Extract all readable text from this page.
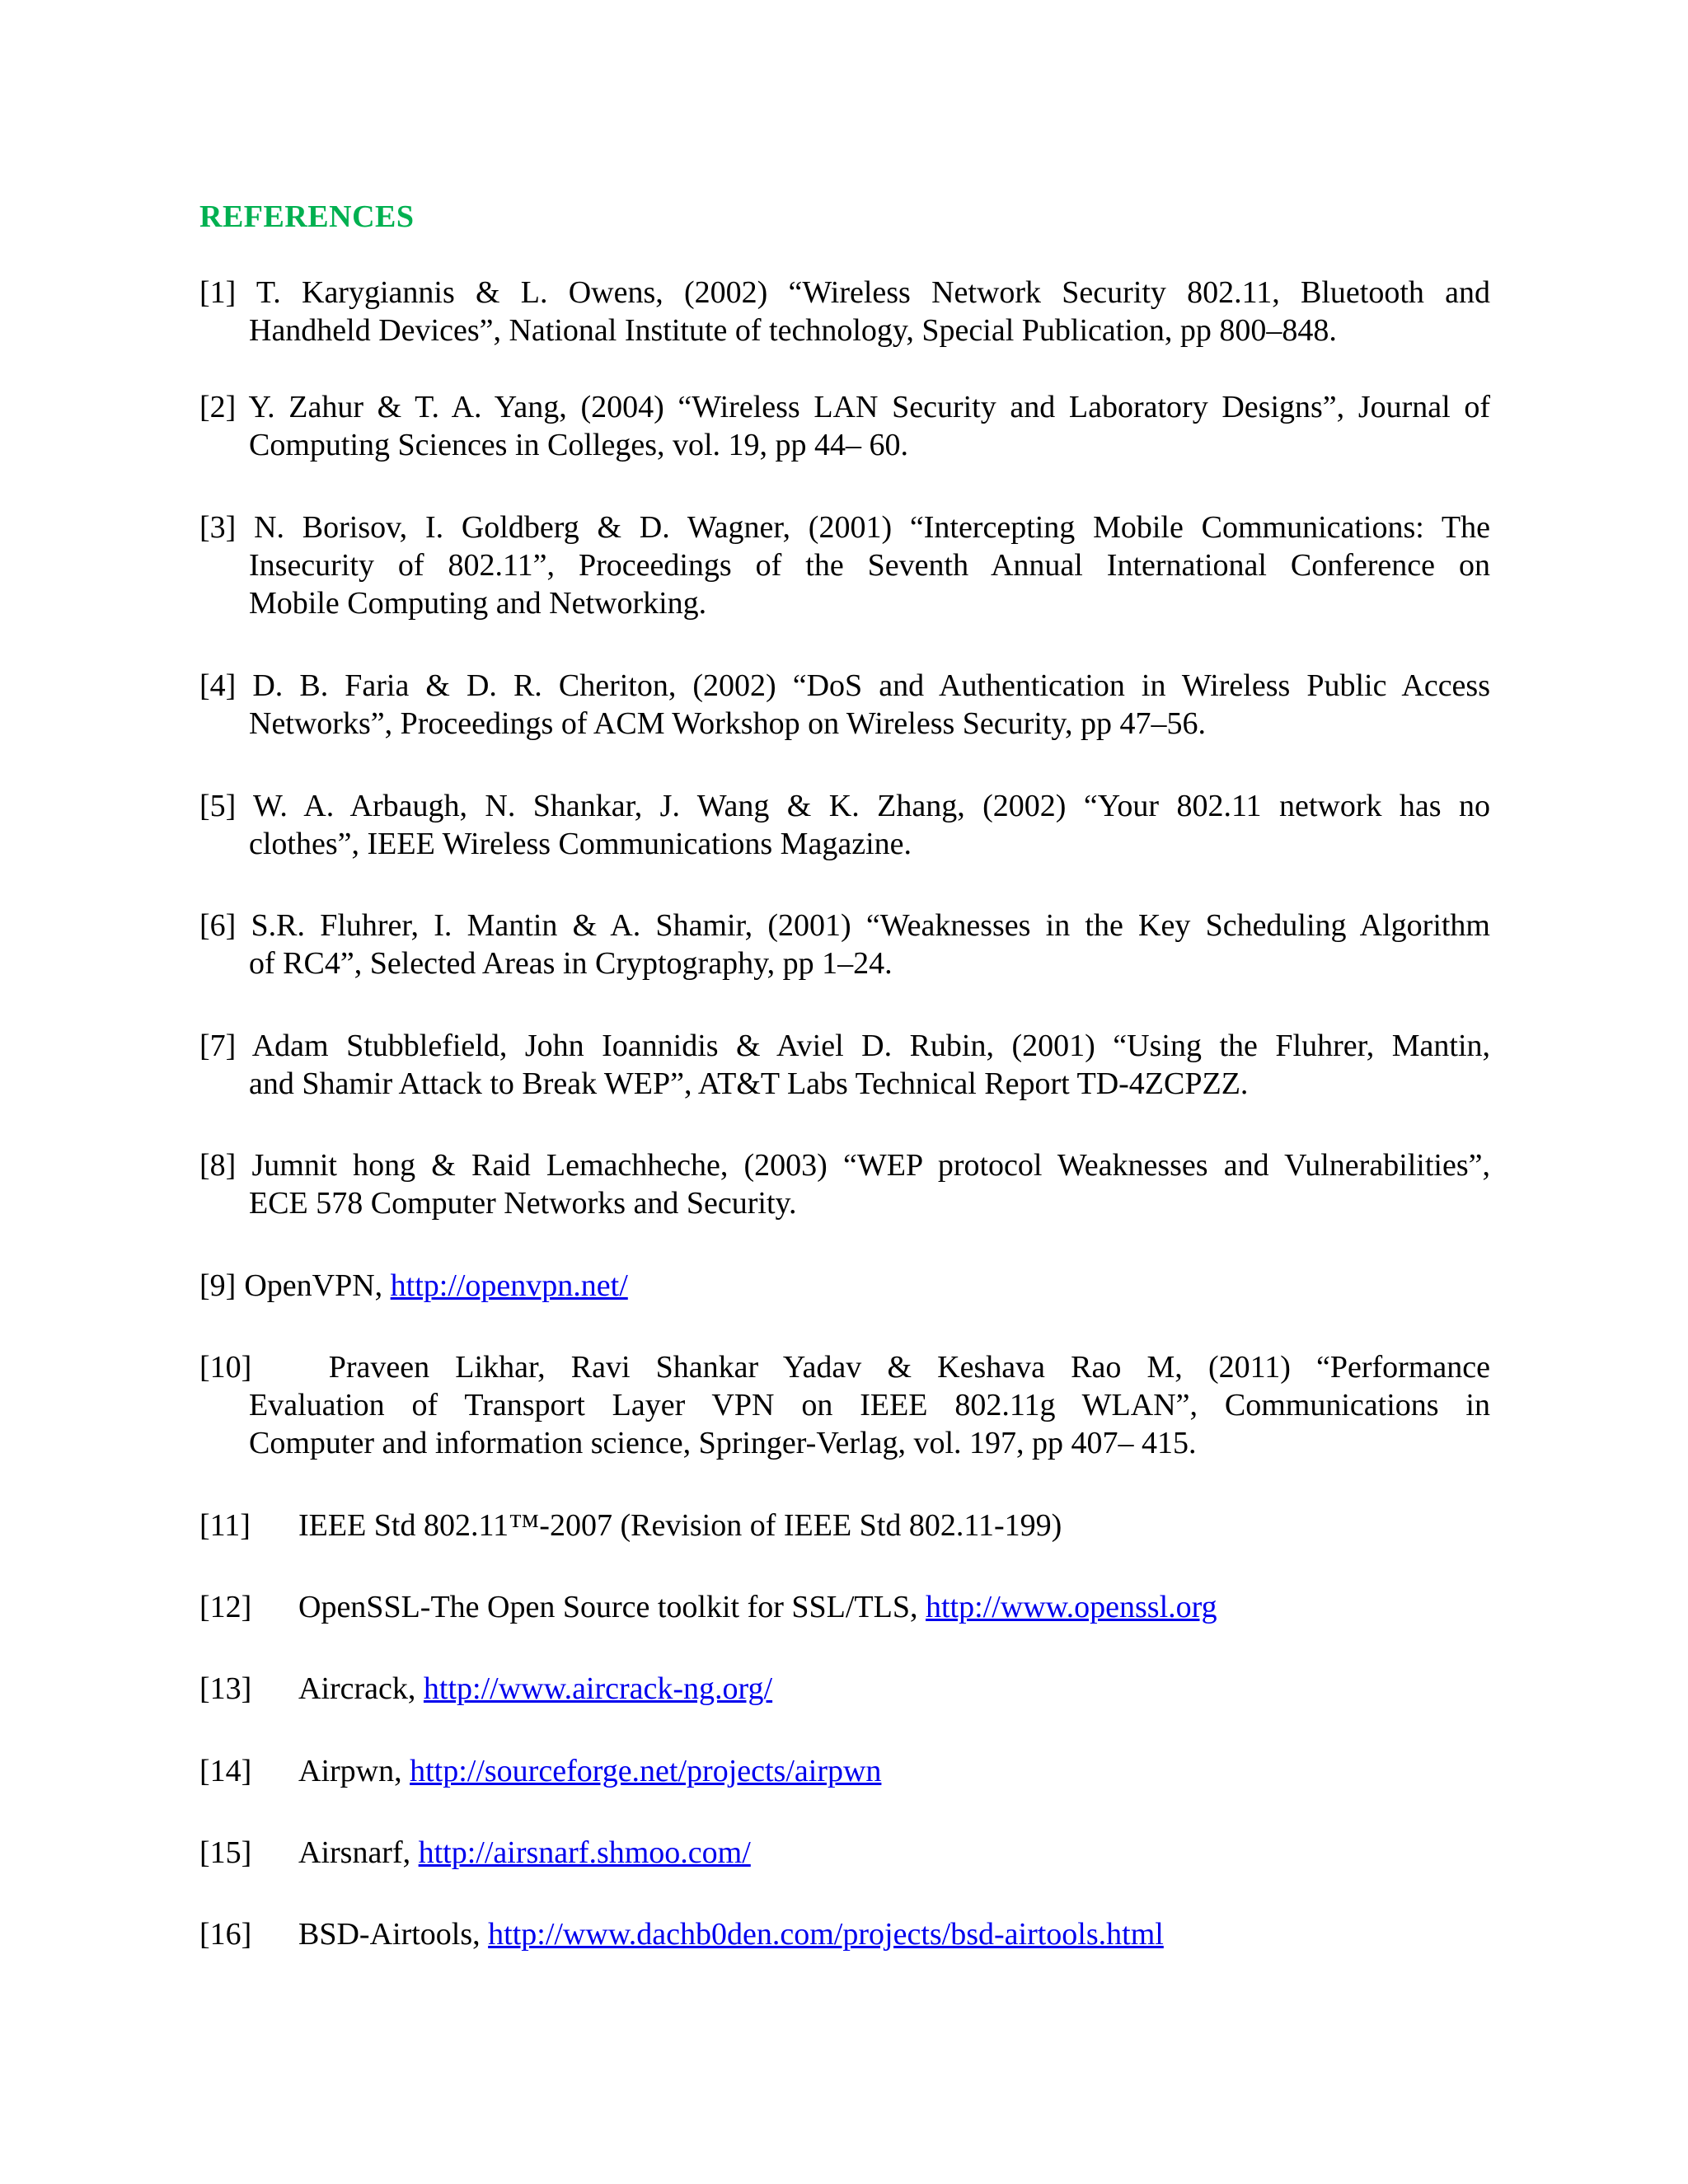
REFERENCES
[1] T. Karygiannis & L. Owens, (2002) “Wireless Network Security 802.11, Bluetooth and
Handheld Devices”, National Institute of technology, Special Publication, pp 800–848.
[2] Y. Zahur & T. A. Yang, (2004) “Wireless LAN Security and Laboratory Designs”, Journal of
Computing Sciences in Colleges, vol. 19, pp 44– 60.
[3] N. Borisov, I. Goldberg & D. Wagner, (2001) “Intercepting Mobile Communications: The
Insecurity of 802.11”, Proceedings of the Seventh Annual International Conference on
Mobile Computing and Networking.
[4] D. B. Faria & D. R. Cheriton, (2002) “DoS and Authentication in Wireless Public Access
Networks”, Proceedings of ACM Workshop on Wireless Security, pp 47–56.
[5] W. A. Arbaugh, N. Shankar, J. Wang & K. Zhang, (2002) “Your 802.11 network has no
clothes”, IEEE Wireless Communications Magazine.
[6] S.R. Fluhrer, I. Mantin & A. Shamir, (2001) “Weaknesses in the Key Scheduling Algorithm
of RC4”, Selected Areas in Cryptography, pp 1–24.
[7] Adam Stubblefield, John Ioannidis & Aviel D. Rubin, (2001) “Using the Fluhrer, Mantin,
and Shamir Attack to Break WEP”, AT&T Labs Technical Report TD-4ZCPZZ.
[8] Jumnit hong & Raid Lemachheche, (2003) “WEP protocol Weaknesses and Vulnerabilities”,
ECE 578 Computer Networks and Security.
[9] OpenVPN, http://openvpn.net/
[10]   Praveen Likhar, Ravi Shankar Yadav & Keshava Rao M, (2011) “Performance
Evaluation of Transport Layer VPN on IEEE 802.11g WLAN”, Communications in
Computer and information science, Springer-Verlag, vol. 197, pp 407– 415.
[11] IEEE Std 802.11™-2007 (Revision of IEEE Std 802.11-199)
[12] OpenSSL-The Open Source toolkit for SSL/TLS, http://www.openssl.org
[13] Aircrack, http://www.aircrack-ng.org/
[14] Airpwn, http://sourceforge.net/projects/airpwn
[15] Airsnarf, http://airsnarf.shmoo.com/
[16] BSD-Airtools, http://www.dachb0den.com/projects/bsd-airtools.html
